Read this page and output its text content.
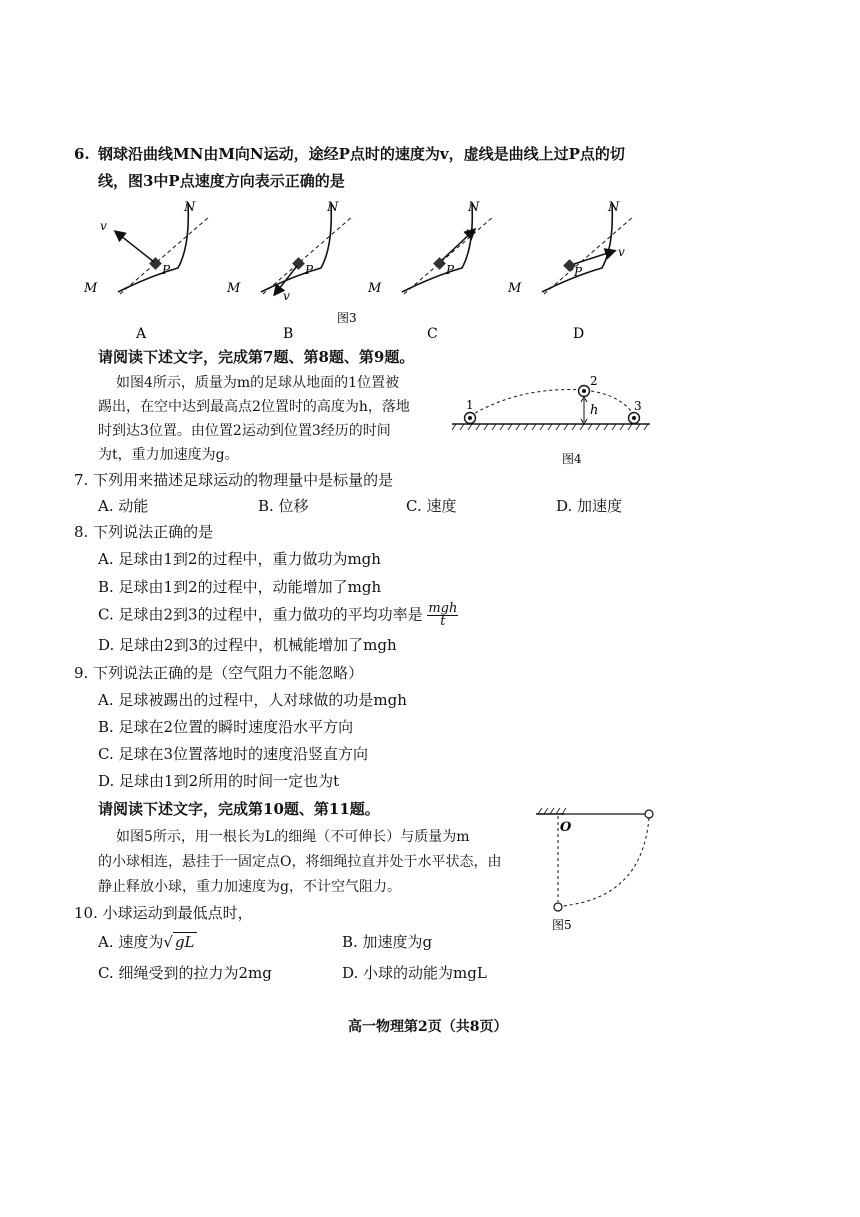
6. 钢球沿曲线MN由M向N运动，途经P点时的速度为v，虚线是曲线上过P点的切
线，图3中P点速度方向表示正确的是
v
N
P
M	v
N
P
M
v
N
P
M
v
N
P
M
A	B	C	D
图3
请阅读下述文字，完成第7题、第8题、第9题。
如图4所示，质量为m的足球从地面的1位置被
踢出，在空中达到最高点2位置时的高度为h，落地
时到达3位置。由位置2运动到位置3经历的时间
为t，重力加速度为g。
1
2
3
h
图4
7. 下列用来描述足球运动的物理量中是标量的是
A. 动能	B. 位移	C. 速度	D. 加速度
8. 下列说法正确的是
A. 足球由1到2的过程中，重力做功为mgh
B. 足球由1到2的过程中，动能增加了mgh
C. 足球由2到3的过程中，重力做功的平均功率是 $\frac{\text{mgh}}{t}$
D. 足球由2到3的过程中，机械能增加了mgh
9. 下列说法正确的是（空气阻力不能忽略）
A. 足球被踢出的过程中，人对球做的功是mgh
B. 足球在2位置的瞬时速度沿水平方向
C. 足球在3位置落地时的速度沿竖直方向
D. 足球由1到2所用的时间一定也为t
请阅读下述文字，完成第10题、第11题。
如图5所示，用一根长为L的细绳（不可伸长）与质量为m
的小球相连，悬挂于一固定点O，将细绳拉直并处于水平状态，由
静止释放小球，重力加速度为g，不计空气阻力。
O
图5
10. 小球运动到最低点时，
A. 速度为√ gL	B. 加速度为g
C. 细绳受到的拉力为2mg	D. 小球的动能为mgL
高一物理第2页（共8页）
